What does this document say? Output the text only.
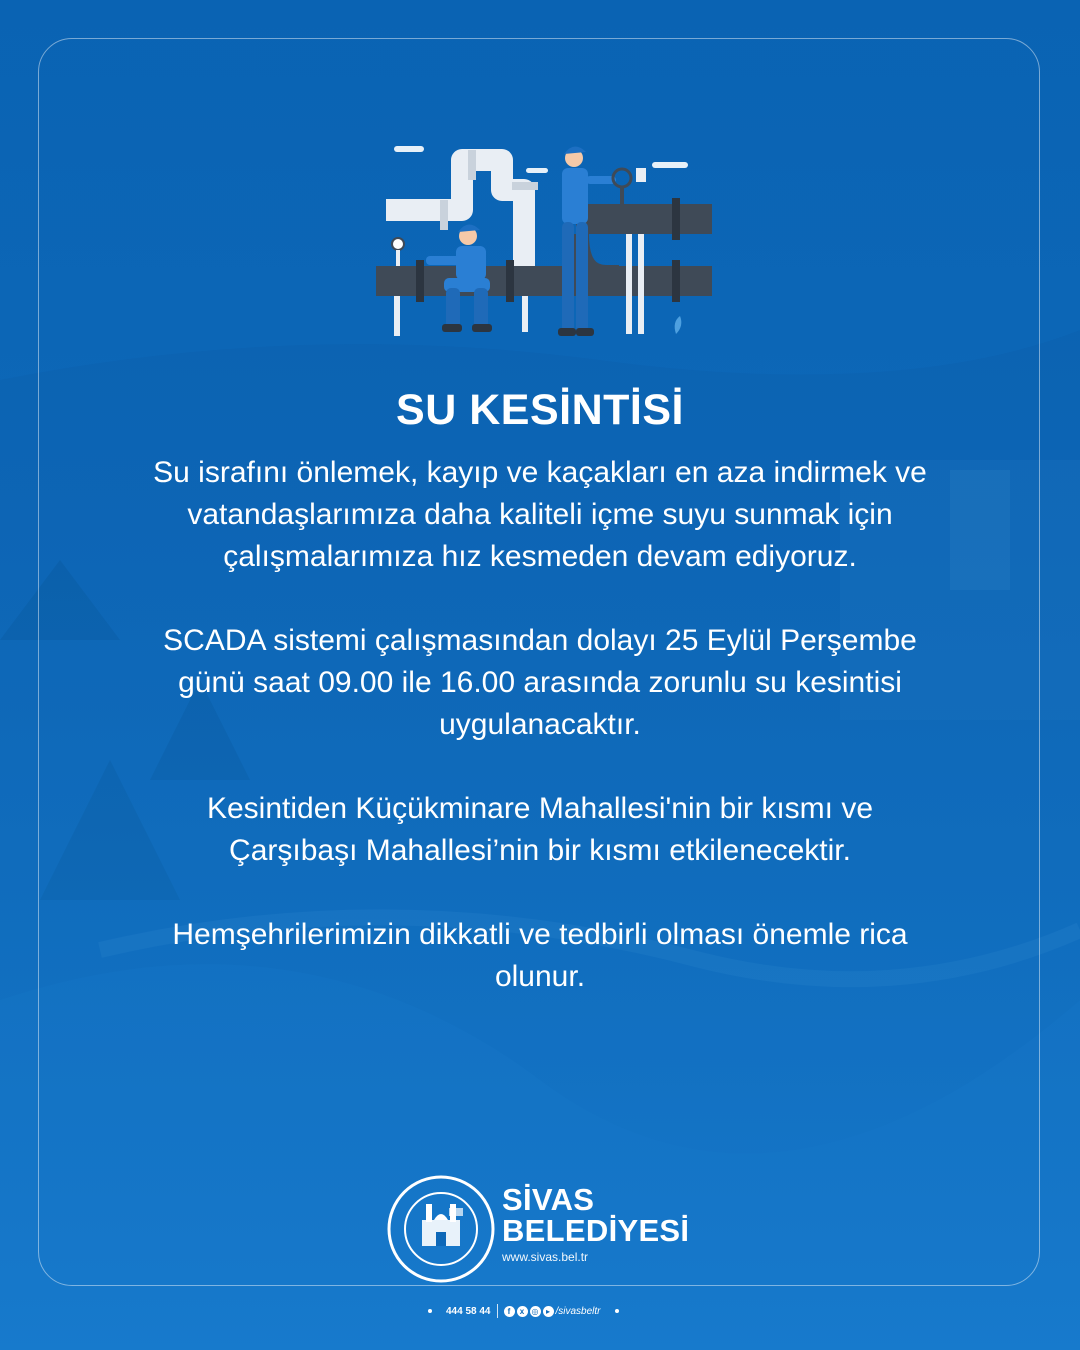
SU KESİNTİSİ

Su israfını önlemek, kayıp ve kaçakları en aza indirmek ve vatandaşlarımıza daha kaliteli içme suyu sunmak için çalışmalarımıza hız kesmeden devam ediyoruz.

SCADA sistemi çalışmasından dolayı 25 Eylül Perşembe günü saat 09.00 ile 16.00 arasında zorunlu su kesintisi uygulanacaktır.

Kesintiden Küçükminare Mahallesi'nin bir kısmı ve Çarşıbaşı Mahallesi’nin bir kısmı etkilenecektir.

Hemşehrilerimizin dikkatli ve tedbirli olması önemle rica olunur.

SİVAS
BELEDİYESİ
www.sivas.bel.tr
444 58 44	f	x ◎ ▸ /sivasbeltr
